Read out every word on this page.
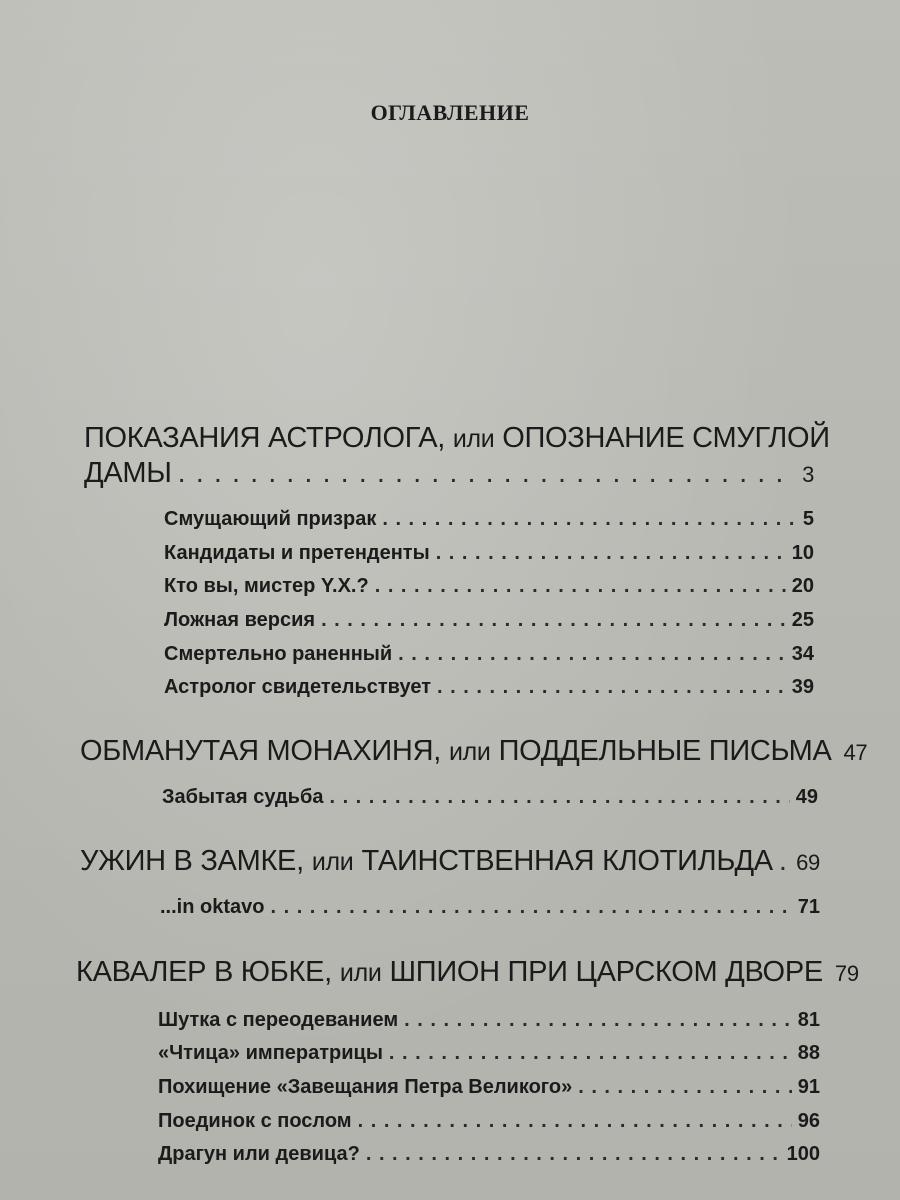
ОГЛАВЛЕНИЕ
ПОКАЗАНИЯ АСТРОЛОГА, или ОПОЗНАНИЕ СМУГЛОЙ
ДАМЫ . . .	3
Смущающий призрак . . .	5
Кандидаты и претенденты . . .	10
Кто вы, мистер Y.X.? . . .	20
Ложная версия . . .	25
Смертельно раненный . . .	34
Астролог свидетельствует . . .	39
ОБМАНУТАЯ МОНАХИНЯ, или ПОДДЕЛЬНЫЕ ПИСЬМА 47
Забытая судьба . . .	49
УЖИН В ЗАМКЕ, или ТАИНСТВЕННАЯ КЛОТИЛЬДА . . . 69
...in oktavo . . .	71
КАВАЛЕР В ЮБКЕ, или ШПИОН ПРИ ЦАРСКОМ ДВОРЕ 79
Шутка с переодеванием . . .	81
«Чтица» императрицы . . .	88
Похищение «Завещания Петра Великого» . . .	91
Поединок с послом . . .	96
Драгун или девица? . . .	100
